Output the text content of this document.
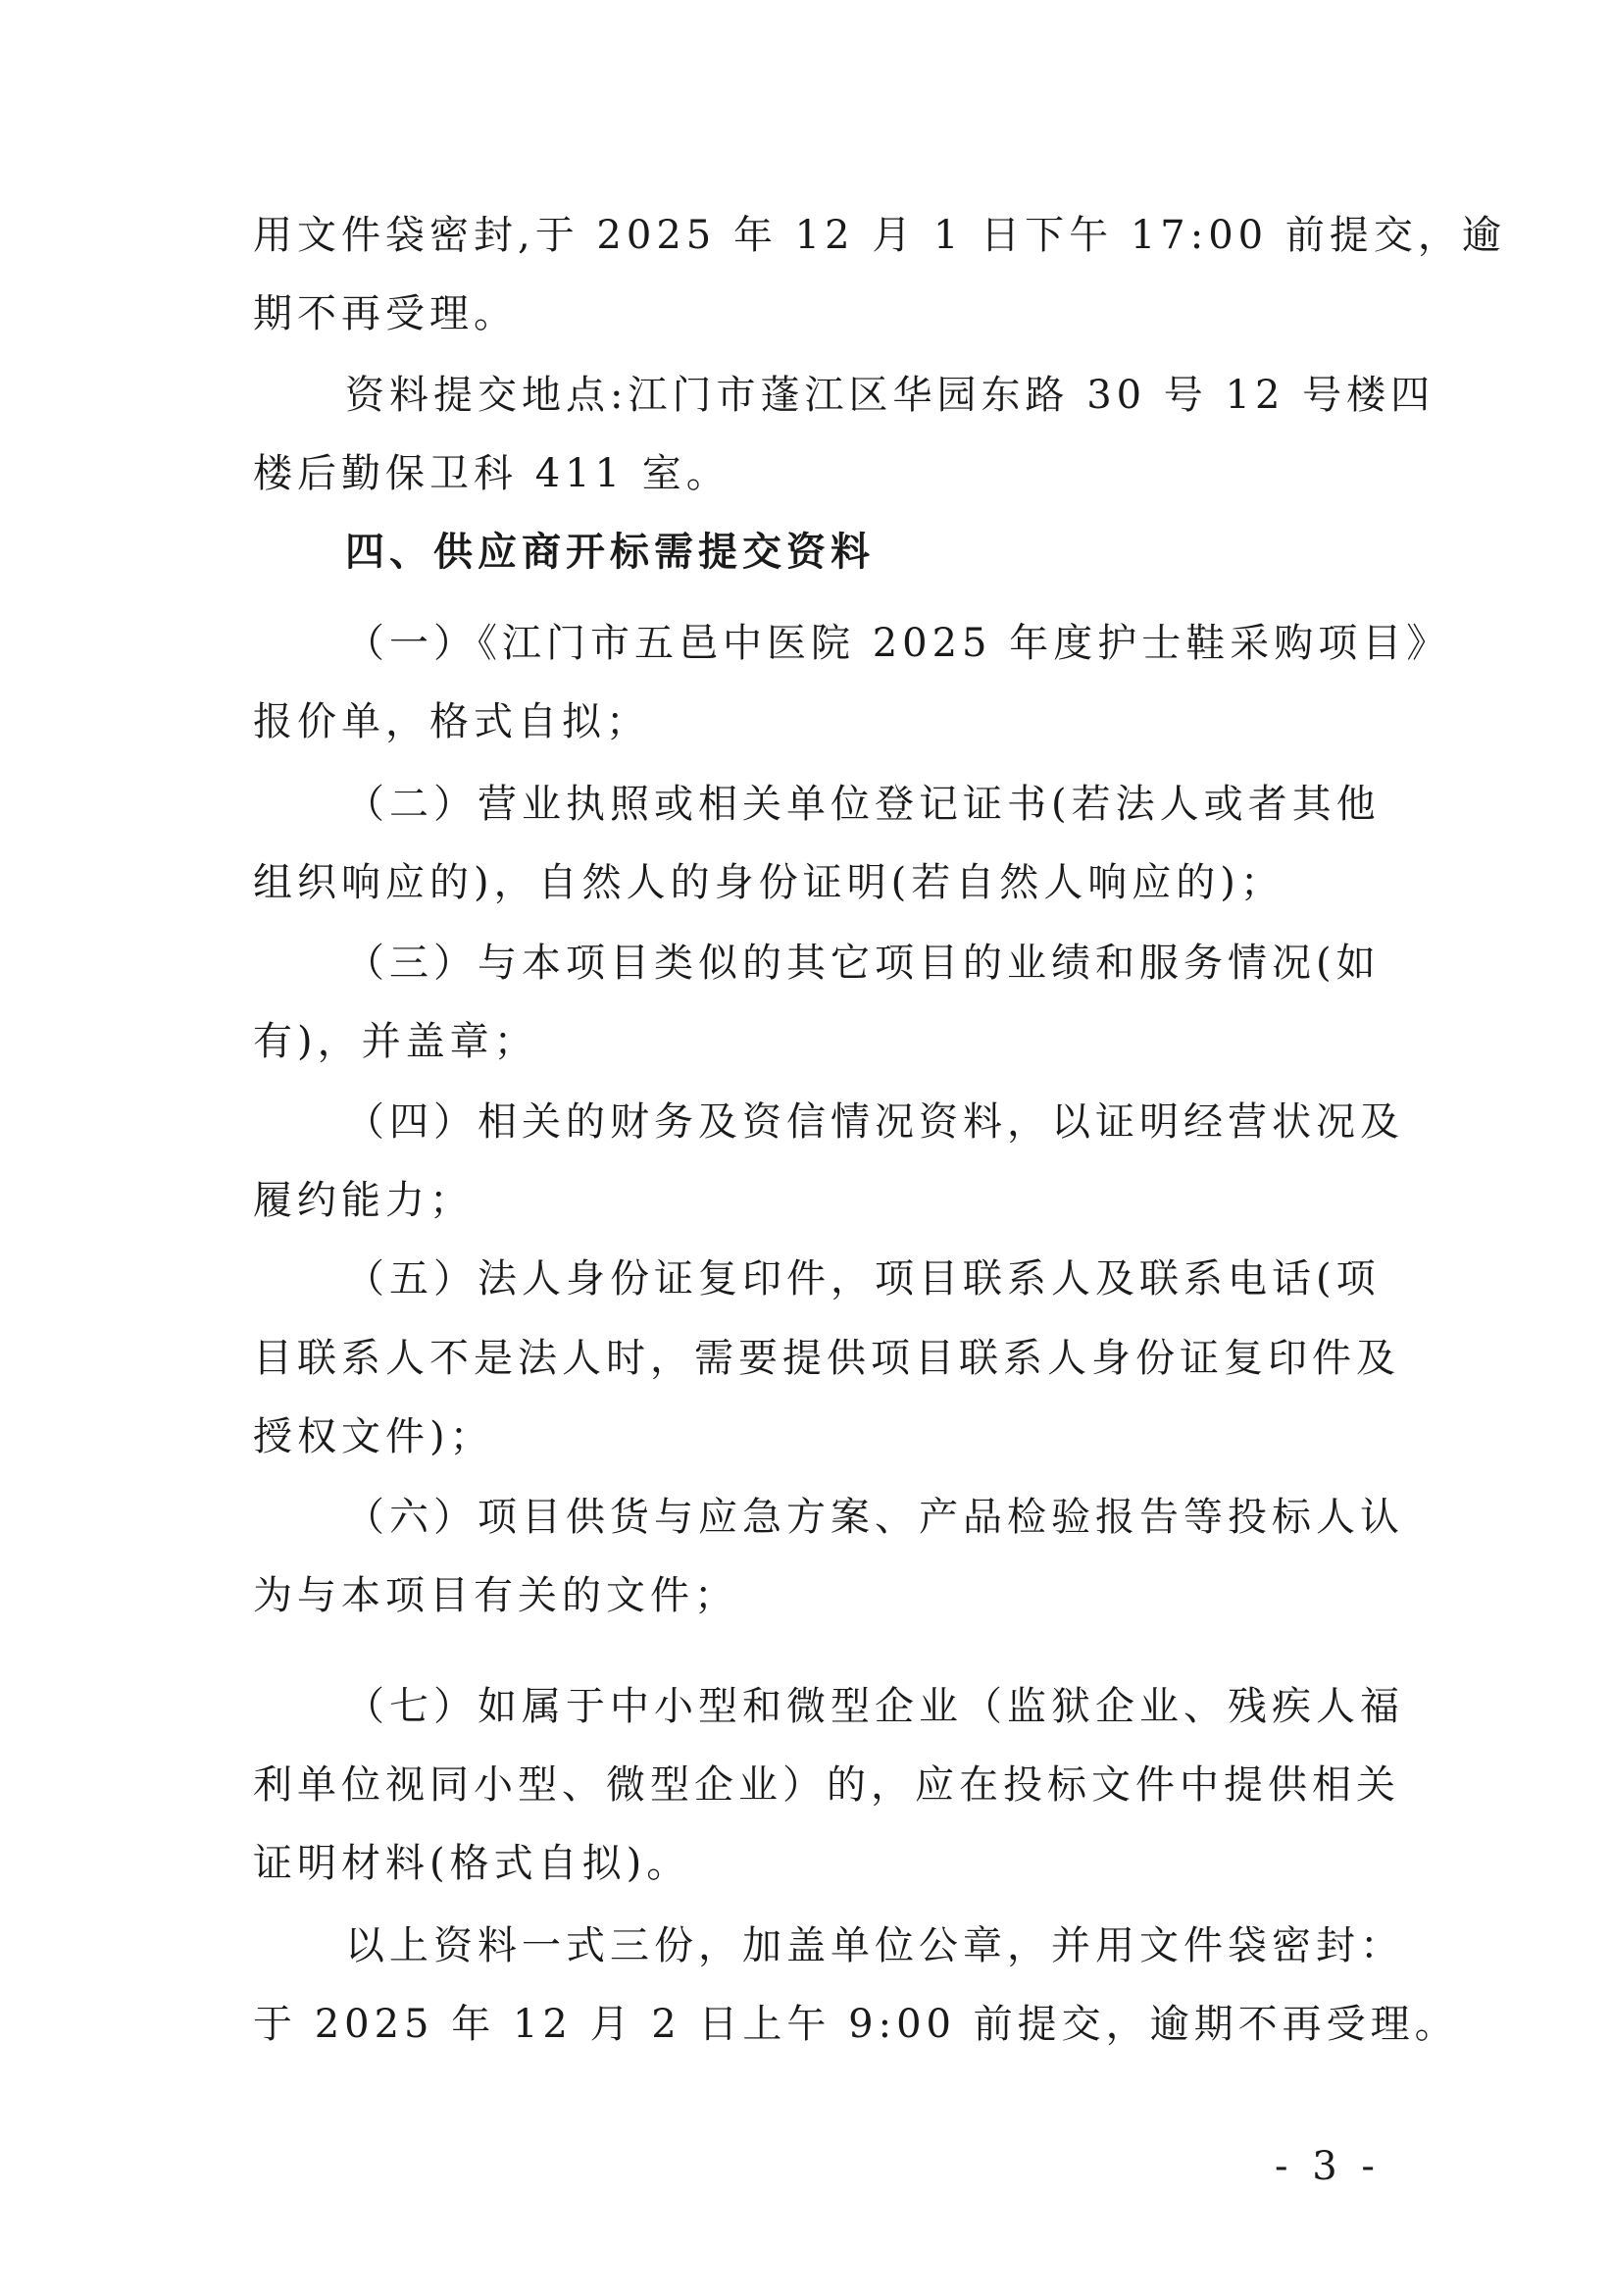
用文件袋密封,于 2025 年 12 月 1 日下午 17:00 前提交，逾
期不再受理。
资料提交地点:江门市蓬江区华园东路 30 号 12 号楼四
楼后勤保卫科 411 室。
四、供应商开标需提交资料
（一）《江门市五邑中医院 2025 年度护士鞋采购项目》
报价单，格式自拟；
（二）营业执照或相关单位登记证书(若法人或者其他
组织响应的)，自然人的身份证明(若自然人响应的)；
（三）与本项目类似的其它项目的业绩和服务情况(如
有)，并盖章；
（四）相关的财务及资信情况资料，以证明经营状况及
履约能力；
（五）法人身份证复印件，项目联系人及联系电话(项
目联系人不是法人时，需要提供项目联系人身份证复印件及
授权文件)；
（六）项目供货与应急方案、产品检验报告等投标人认
为与本项目有关的文件；
（七）如属于中小型和微型企业（监狱企业、残疾人福
利单位视同小型、微型企业）的，应在投标文件中提供相关
证明材料(格式自拟)。
以上资料一式三份，加盖单位公章，并用文件袋密封：
于 2025 年 12 月 2 日上午 9:00 前提交，逾期不再受理。
- 3 -
